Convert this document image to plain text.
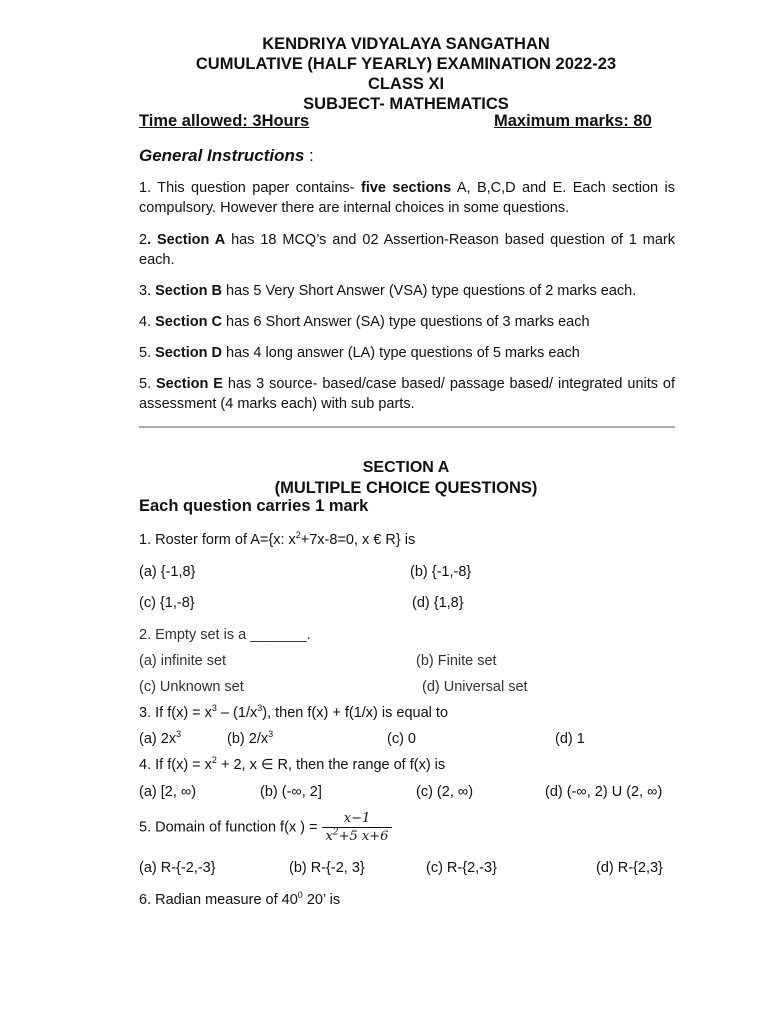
KENDRIYA VIDYALAYA SANGATHAN
CUMULATIVE (HALF YEARLY) EXAMINATION 2022-23
CLASS XI
SUBJECT- MATHEMATICS
Time allowed: 3Hours	Maximum marks: 80
General Instructions :
1. This question paper contains- five sections A, B,C,D and E. Each section is compulsory. However there are internal choices in some questions.
2. Section A has 18 MCQ’s and 02 Assertion-Reason based question of 1 mark each.
3. Section B has 5 Very Short Answer (VSA) type questions of 2 marks each.
4. Section C has 6 Short Answer (SA) type questions of 3 marks each
5. Section D has 4 long answer (LA) type questions of 5 marks each
5. Section E has 3 source- based/case based/ passage based/ integrated units of assessment (4 marks each) with sub parts.
SECTION A
(MULTIPLE CHOICE QUESTIONS)
Each question carries 1 mark
1. Roster form of A={x: $x^2+7x-8=0$, x € R} is
(a) {-1,8}	(b) {-1,-8}
(c) {1,-8}	(d) {1,8}
2. Empty set is a _______.
(a) infinite set	(b) Finite set
(c) Unknown set	(d) Universal set
3. If $f(x) = x^3 - (1/x^3)$, then f(x) + f(1/x) is equal to
(a) $2x^3$	(b) $2/x^3$	(c) 0	(d) 1
4. If $f(x) = x^2 + 2$, x ∈ R, then the range of f(x) is
(a) [2, ∞)	(b) (-∞, 2]	(c) (2, ∞)	(d) (-∞, 2) U (2, ∞)
5. Domain of function f(x ) = $\frac{x-1}{x^2+5 x+6}$
(a) R-{-2,-3}	(b) R-{-2, 3}	(c) R-{2,-3}	(d) R-{2,3}
6. Radian measure of $40^0$ 20’ is
